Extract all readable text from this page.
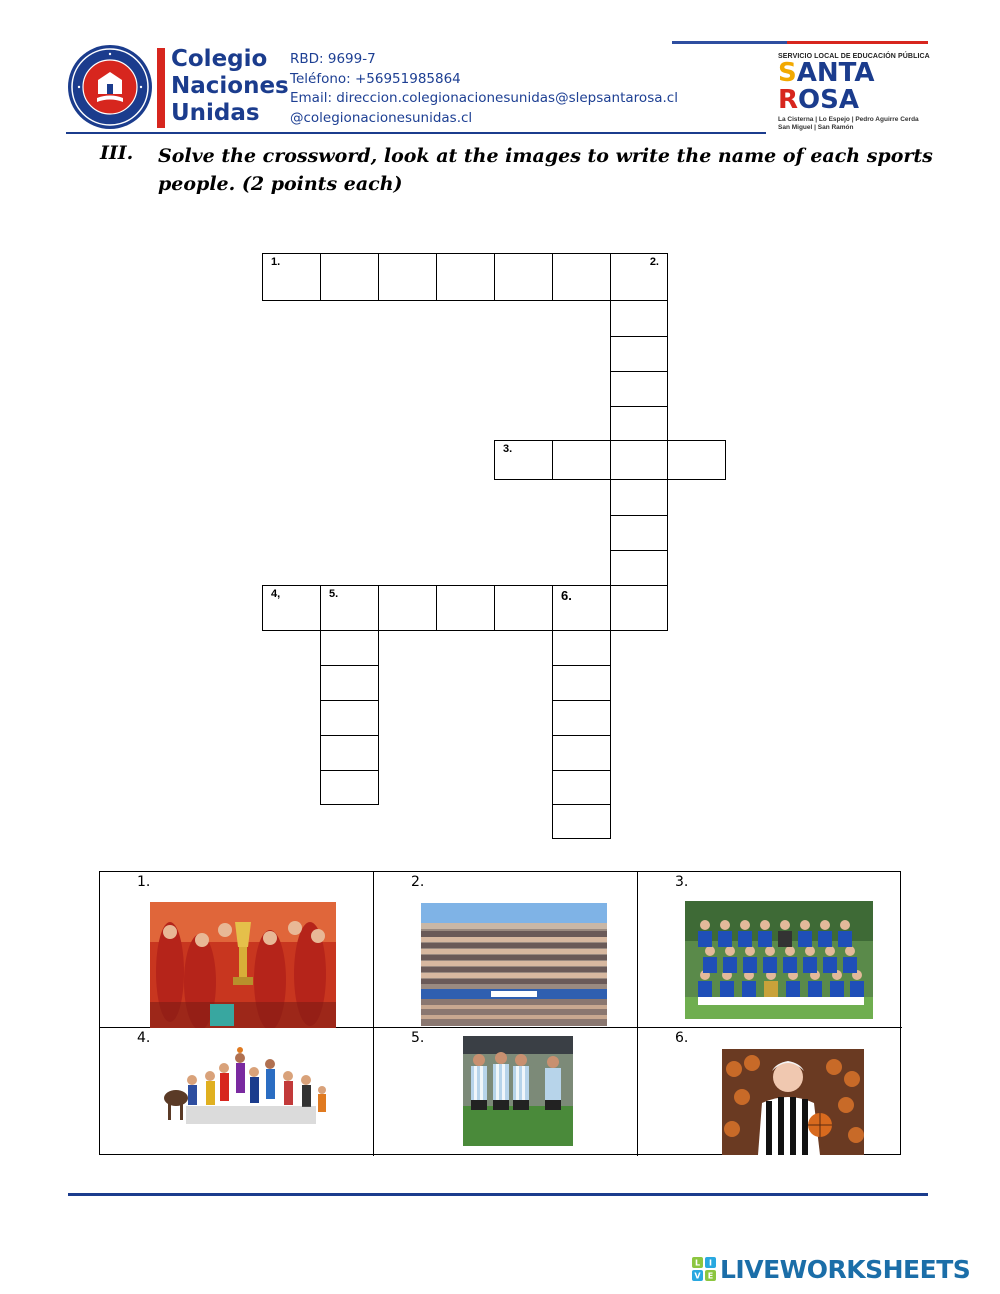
Colegio
Naciones
Unidas
RBD: 9699-7
Teléfono: +56951985864
Email: direccion.colegionacionesunidas@slepsantarosa.cl
@colegionacionesunidas.cl
SERVICIO LOCAL DE EDUCACIÓN PÚBLICA
SANTA
ROSA
La Cisterna | Lo Espejo | Pedro Aguirre Cerda San Miguel | San Ramón
III. Solve the crossword, look at the images to write the name of each sports people. (2 points each)
1.	2.
3.
4,	5.	6.
1.	2.	3.
4.	5.	6.
L I
V E LIVEWORKSHEETS
